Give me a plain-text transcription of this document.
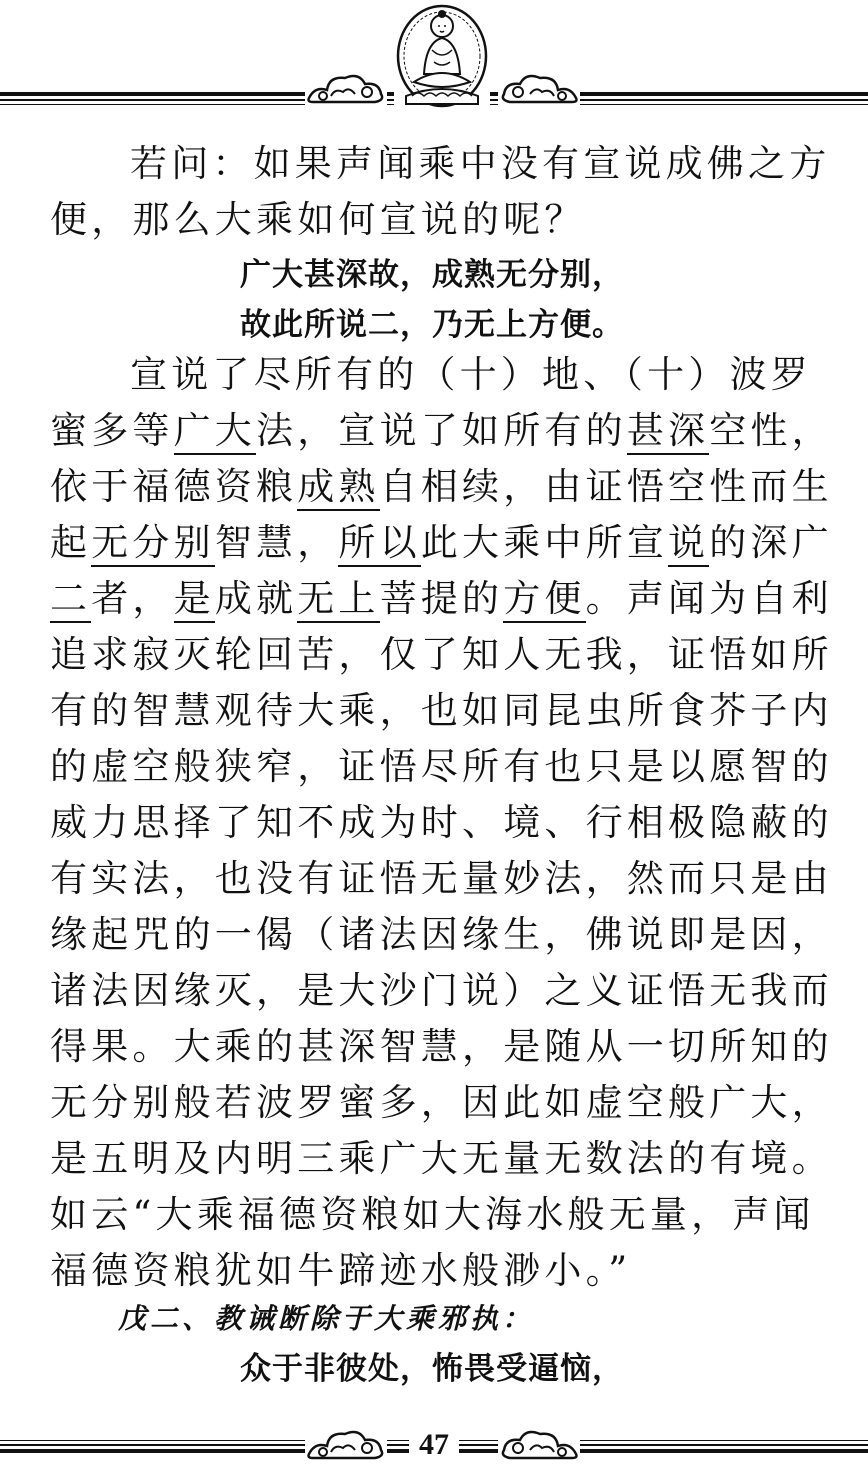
若问：如果声闻乘中没有宣说成佛之方便，那么大乘如何宣说的呢？

广大甚深故，成熟无分别，

故此所说二，乃无上方便。

宣说了尽所有的（十）地、（十）波罗蜜多等广大法，宣说了如所有的甚深空性，依于福德资粮成熟自相续，由证悟空性而生起无分别智慧，所以此大乘中所宣说的深广二者，是成就无上菩提的方便。声闻为自利追求寂灭轮回苦，仅了知人无我，证悟如所有的智慧观待大乘，也如同昆虫所食芥子内的虚空般狭窄，证悟尽所有也只是以愿智的威力思择了知不成为时、境、行相极隐蔽的有实法，也没有证悟无量妙法，然而只是由缘起咒的一偈（诸法因缘生，佛说即是因，诸法因缘灭，是大沙门说）之义证悟无我而得果。大乘的甚深智慧，是随从一切所知的无分别般若波罗蜜多，因此如虚空般广大，是五明及内明三乘广大无量无数法的有境。如云“大乘福德资粮如大海水般无量，声闻福德资粮犹如牛蹄迹水般渺小。”

戊二、教诫断除于大乘邪执：

众于非彼处，怖畏受逼恼，

47
